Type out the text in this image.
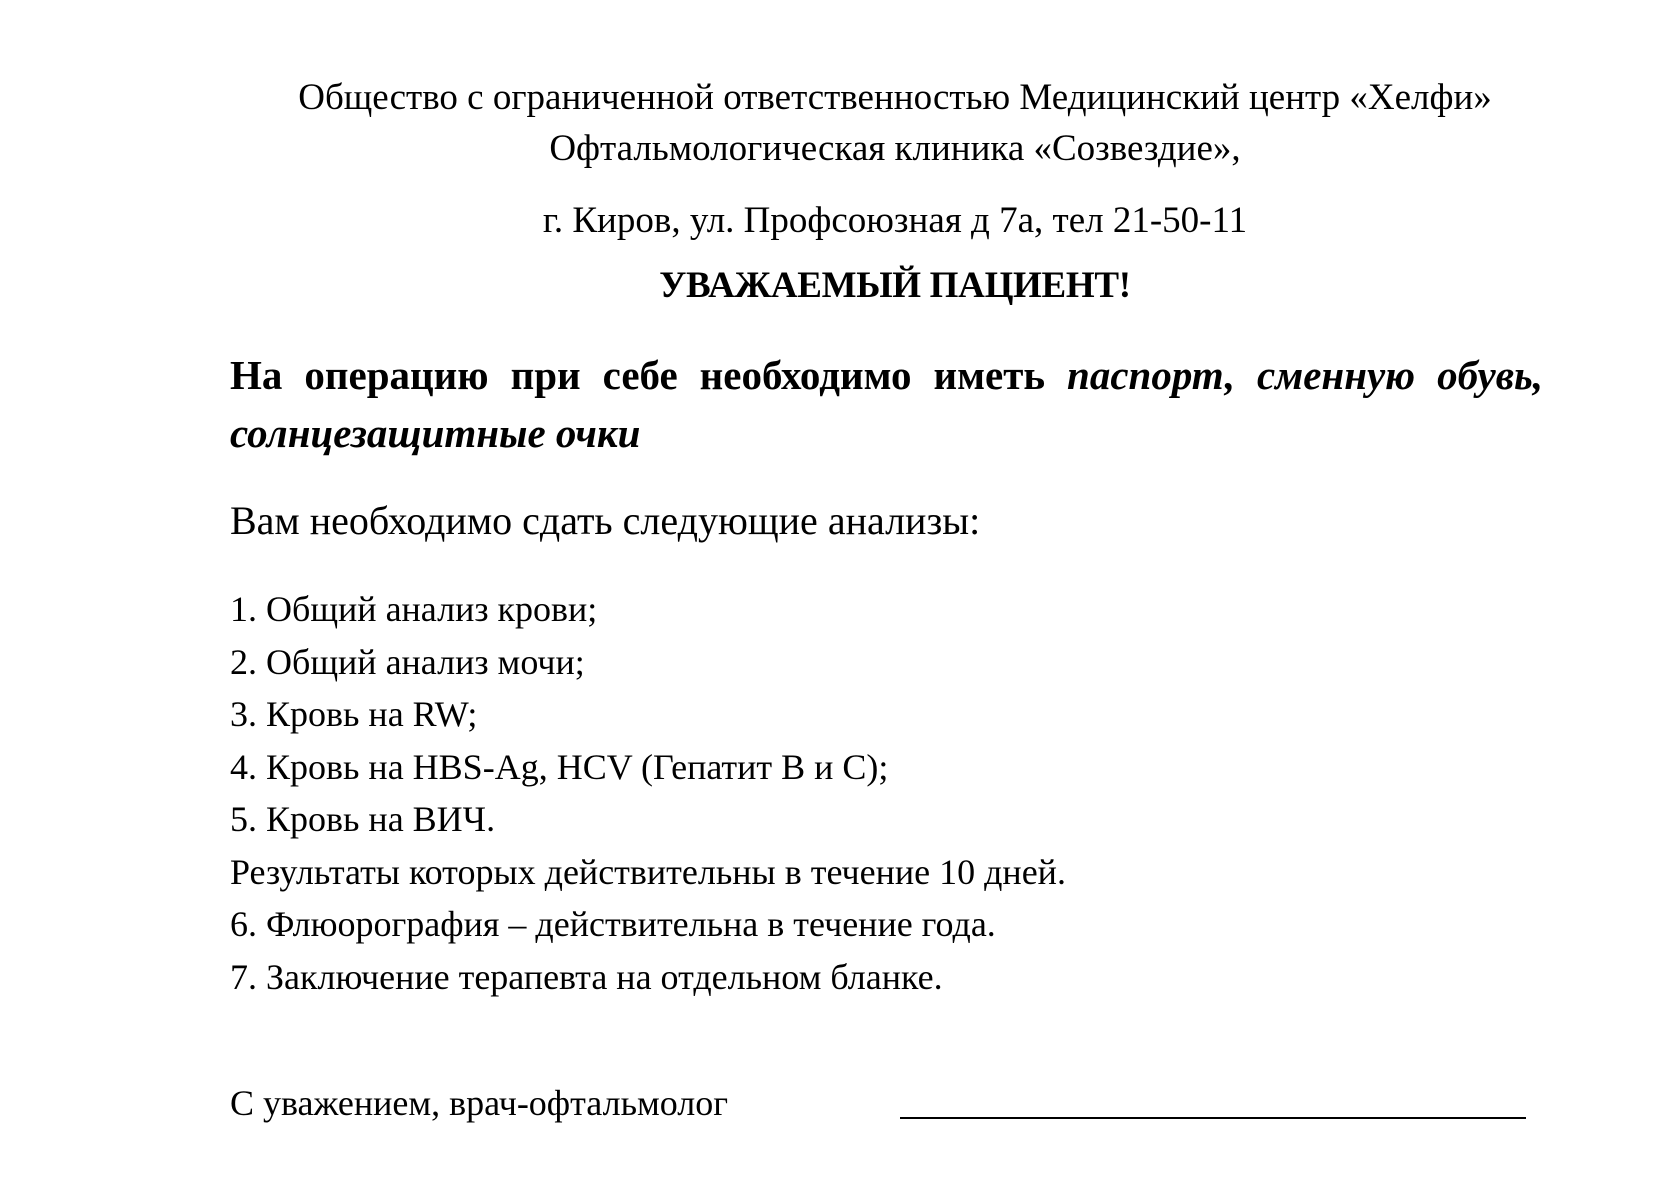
Общество с ограниченной ответственностью Медицинский центр «Хелфи»
Офтальмологическая клиника «Созвездие»,
г. Киров, ул. Профсоюзная д 7а, тел 21-50-11
УВАЖАЕМЫЙ ПАЦИЕНТ!
На операцию при себе необходимо иметь паспорт, сменную обувь, солнцезащитные очки
Вам необходимо сдать следующие анализы:
1. Общий анализ крови;
2. Общий анализ мочи;
3. Кровь на RW;
4. Кровь на HBS-Ag, HCV (Гепатит В и С);
5. Кровь на ВИЧ.
Результаты которых действительны в течение 10 дней.
6. Флюорография – действительна в течение года.
7. Заключение терапевта на отдельном бланке.
С уважением, врач-офтальмолог
